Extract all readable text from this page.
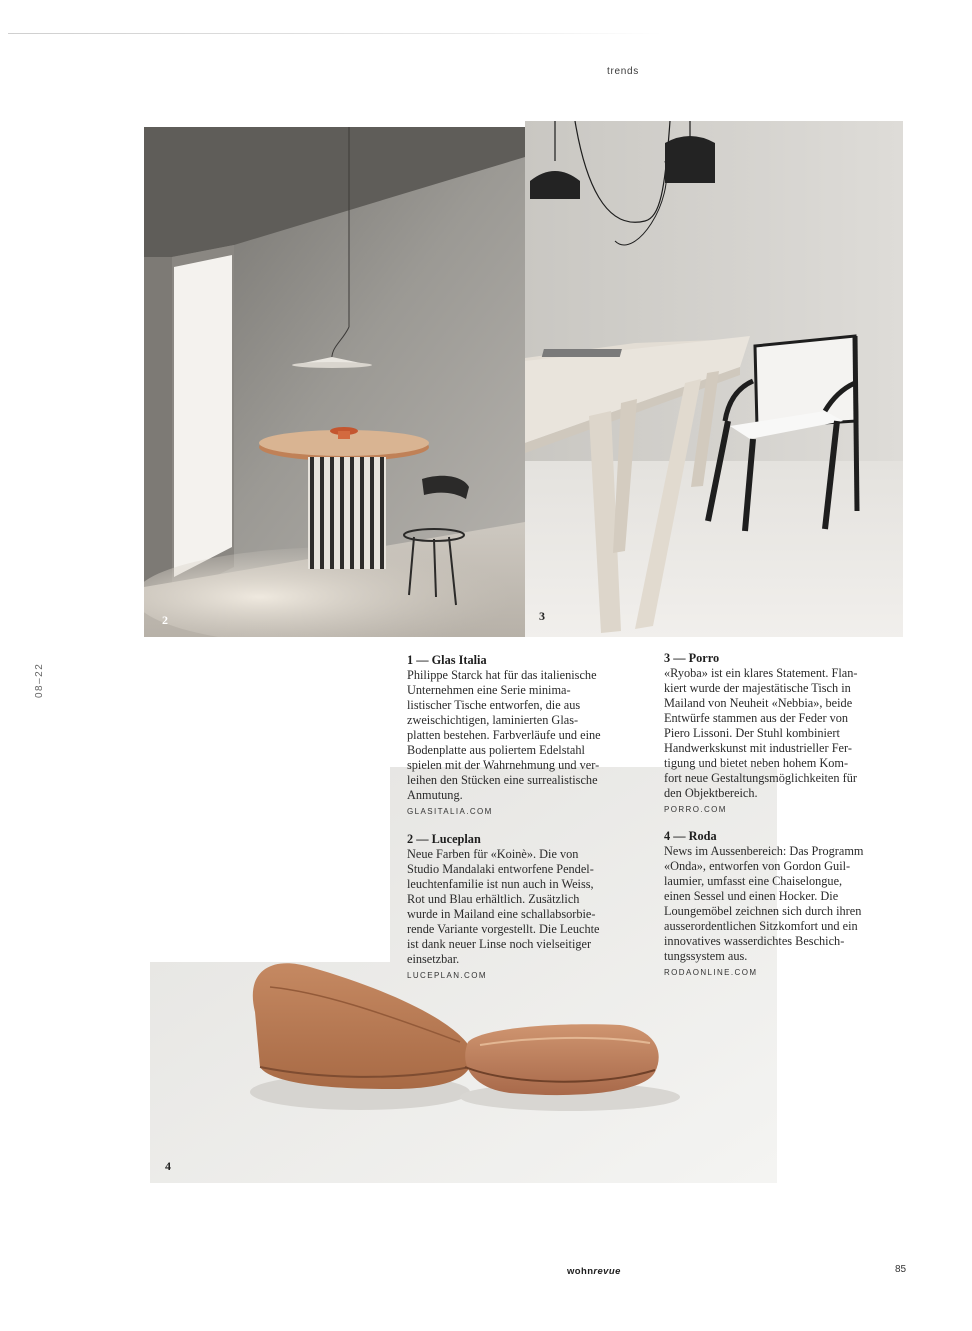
trends
08–22
2	3
4

1 — Glas Italia

Philippe Starck hat für das italienische
Unternehmen eine Serie minima-
listischer Tische entworfen, die aus
zweischichtigen, laminierten Glas-
platten bestehen. Farbverläufe und eine
Bodenplatte aus poliertem Edelstahl
spielen mit der Wahrnehmung und ver-
leihen den Stücken eine surrealistische
Anmutung.

GLASITALIA.COM

2 — Luceplan

Neue Farben für «Koinè». Die von
Studio Mandalaki entworfene Pendel-
leuchtenfamilie ist nun auch in Weiss,
Rot und Blau erhältlich. Zusätzlich
wurde in Mailand eine schallabsorbie-
rende Variante vorgestellt. Die Leuchte
ist dank neuer Linse noch vielseitiger
einsetzbar.

LUCEPLAN.COM

3 — Porro

«Ryoba» ist ein klares Statement. Flan-
kiert wurde der majestätische Tisch in
Mailand von Neuheit «Nebbia», beide
Entwürfe stammen aus der Feder von
Piero Lissoni. Der Stuhl kombiniert
Handwerkskunst mit industrieller Fer-
tigung und bietet neben hohem Kom-
fort neue Gestaltungsmöglichkeiten für
den Objektbereich.

PORRO.COM

4 — Roda

News im Aussenbereich: Das Programm
«Onda», entworfen von Gordon Guil-
laumier, umfasst eine Chaiselongue,
einen Sessel und einen Hocker. Die
Loungemöbel zeichnen sich durch ihren
ausserordentlichen Sitzkomfort und ein
innovatives wasserdichtes Beschich-
tungssystem aus.

RODAONLINE.COM
wohnrevue	85
